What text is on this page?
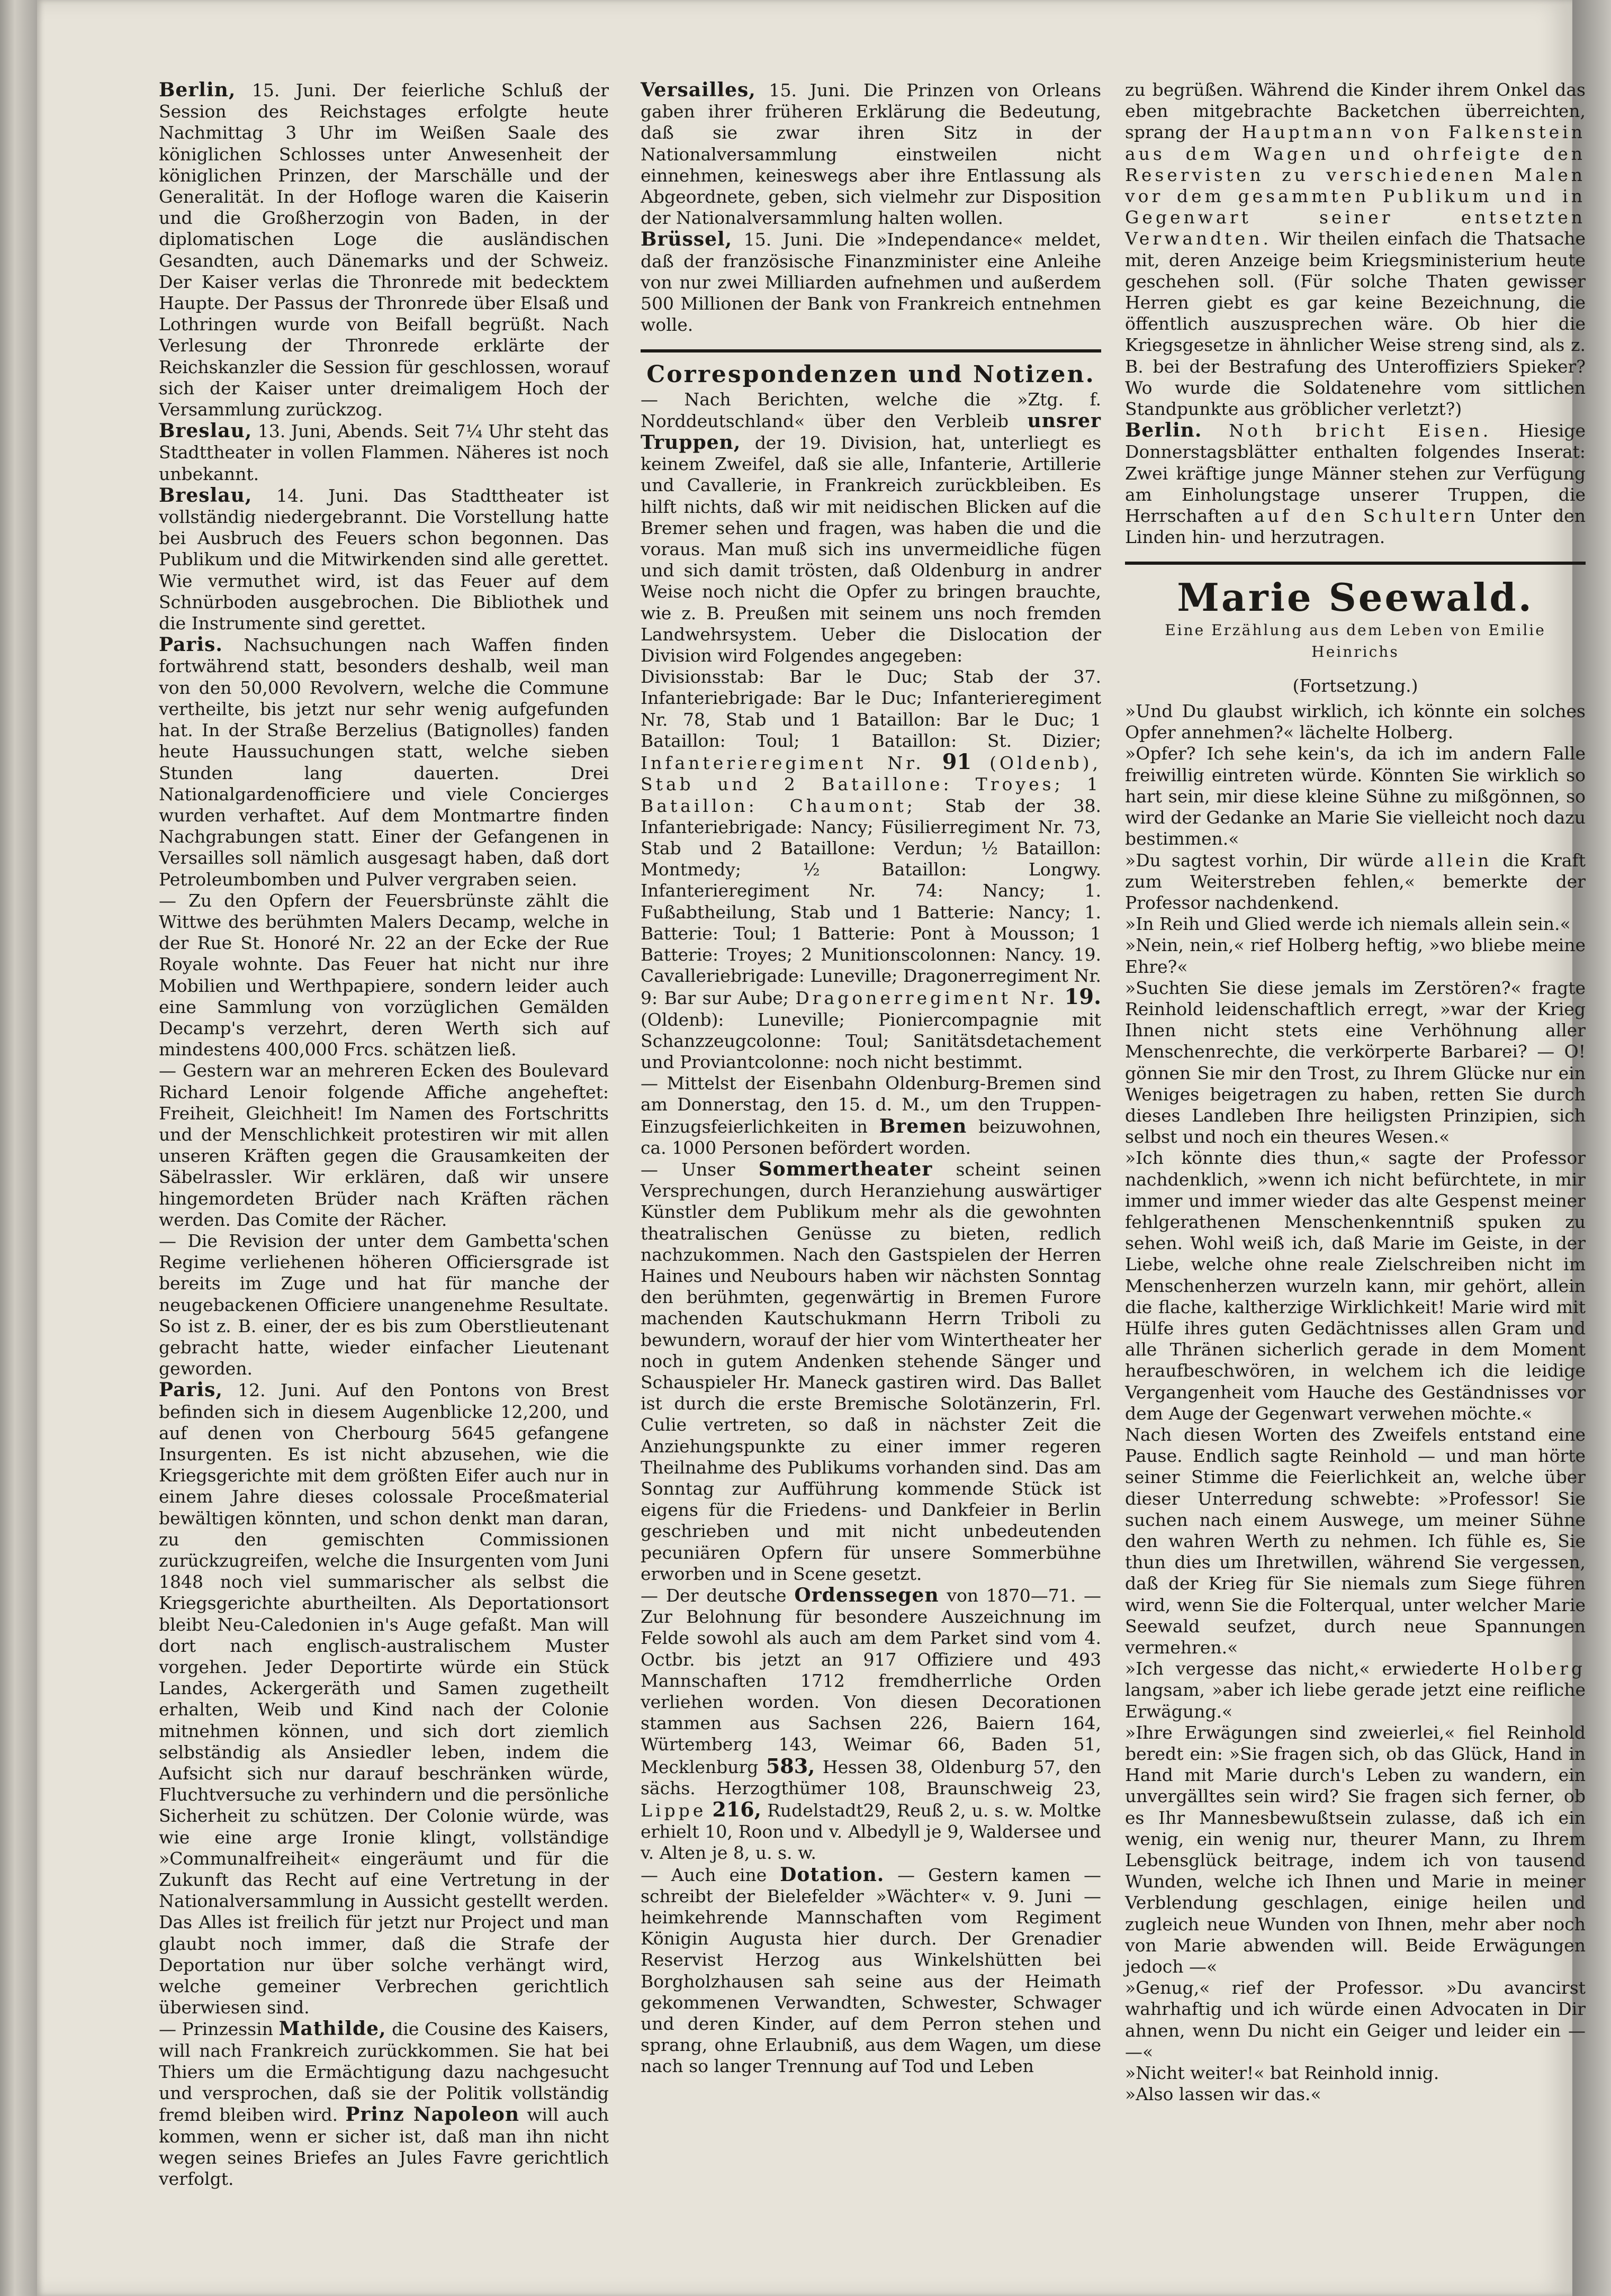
Berlin, 15. Juni. Der feierliche Schluß der Session des Reichstages erfolgte heute Nachmittag 3 Uhr im Weißen Saale des königlichen Schlosses unter Anwesenheit der königlichen Prinzen, der Marschälle und der Generalität. In der Hofloge waren die Kaiserin und die Großherzogin von Baden, in der diplomatischen Loge die ausländischen Gesandten, auch Dänemarks und der Schweiz. Der Kaiser verlas die Thronrede mit bedecktem Haupte. Der Passus der Thronrede über Elsaß und Lothringen wurde von Beifall begrüßt. Nach Verlesung der Thronrede erklärte der Reichskanzler die Session für geschlossen, worauf sich der Kaiser unter dreimaligem Hoch der Versammlung zurückzog.

Breslau, 13. Juni, Abends. Seit 7¼ Uhr steht das Stadttheater in vollen Flammen. Näheres ist noch unbekannt.

Breslau, 14. Juni. Das Stadttheater ist vollständig niedergebrannt. Die Vorstellung hatte bei Ausbruch des Feuers schon begonnen. Das Publikum und die Mitwirkenden sind alle gerettet. Wie vermuthet wird, ist das Feuer auf dem Schnürboden ausgebrochen. Die Bibliothek und die Instrumente sind gerettet.

Paris. Nachsuchungen nach Waffen finden fortwährend statt, besonders deshalb, weil man von den 50,000 Revolvern, welche die Commune vertheilte, bis jetzt nur sehr wenig aufgefunden hat. In der Straße Berzelius (Batignolles) fanden heute Haussuchungen statt, welche sieben Stunden lang dauerten. Drei Nationalgardenofficiere und viele Concierges wurden verhaftet. Auf dem Montmartre finden Nachgrabungen statt. Einer der Gefangenen in Versailles soll nämlich ausgesagt haben, daß dort Petroleumbomben und Pulver vergraben seien.

— Zu den Opfern der Feuersbrünste zählt die Wittwe des berühmten Malers Decamp, welche in der Rue St. Honoré Nr. 22 an der Ecke der Rue Royale wohnte. Das Feuer hat nicht nur ihre Mobilien und Werthpapiere, sondern leider auch eine Sammlung von vorzüglichen Gemälden Decamp's verzehrt, deren Werth sich auf mindestens 400,000 Frcs. schätzen ließ.

— Gestern war an mehreren Ecken des Boulevard Richard Lenoir folgende Affiche angeheftet: Freiheit, Gleichheit! Im Namen des Fortschritts und der Menschlichkeit protestiren wir mit allen unseren Kräften gegen die Grausamkeiten der Säbelrassler. Wir erklären, daß wir unsere hingemordeten Brüder nach Kräften rächen werden. Das Comite der Rächer.

— Die Revision der unter dem Gambetta'schen Regime verliehenen höheren Officiersgrade ist bereits im Zuge und hat für manche der neugebackenen Officiere unangenehme Resultate. So ist z. B. einer, der es bis zum Oberstlieutenant gebracht hatte, wieder einfacher Lieutenant geworden.

Paris, 12. Juni. Auf den Pontons von Brest befinden sich in diesem Augenblicke 12,200, und auf denen von Cherbourg 5645 gefangene Insurgenten. Es ist nicht abzusehen, wie die Kriegsgerichte mit dem größten Eifer auch nur in einem Jahre dieses colossale Proceßmaterial bewältigen könnten, und schon denkt man daran, zu den gemischten Commissionen zurückzugreifen, welche die Insurgenten vom Juni 1848 noch viel summarischer als selbst die Kriegsgerichte aburtheilten. Als Deportationsort bleibt Neu-Caledonien in's Auge gefaßt. Man will dort nach englisch-australischem Muster vorgehen. Jeder Deportirte würde ein Stück Landes, Ackergeräth und Samen zugetheilt erhalten, Weib und Kind nach der Colonie mitnehmen können, und sich dort ziemlich selbständig als Ansiedler leben, indem die Aufsicht sich nur darauf beschränken würde, Fluchtversuche zu verhindern und die persönliche Sicherheit zu schützen. Der Colonie würde, was wie eine arge Ironie klingt, vollständige »Communalfreiheit« eingeräumt und für die Zukunft das Recht auf eine Vertretung in der Nationalversammlung in Aussicht gestellt werden. Das Alles ist freilich für jetzt nur Project und man glaubt noch immer, daß die Strafe der Deportation nur über solche verhängt wird, welche gemeiner Verbrechen gerichtlich überwiesen sind.

— Prinzessin Mathilde, die Cousine des Kaisers, will nach Frankreich zurückkommen. Sie hat bei Thiers um die Ermächtigung dazu nachgesucht und versprochen, daß sie der Politik vollständig fremd bleiben wird. Prinz Napoleon will auch kommen, wenn er sicher ist, daß man ihn nicht wegen seines Briefes an Jules Favre gerichtlich verfolgt.

Versailles, 15. Juni. Die Prinzen von Orleans gaben ihrer früheren Erklärung die Bedeutung, daß sie zwar ihren Sitz in der Nationalversammlung einstweilen nicht einnehmen, keineswegs aber ihre Entlassung als Abgeordnete, geben, sich vielmehr zur Disposition der Nationalversammlung halten wollen.

Brüssel, 15. Juni. Die »Independance« meldet, daß der französische Finanzminister eine Anleihe von nur zwei Milliarden aufnehmen und außerdem 500 Millionen der Bank von Frankreich entnehmen wolle.

Correspondenzen und Notizen.

— Nach Berichten, welche die »Ztg. f. Norddeutschland« über den Verbleib unsrer Truppen, der 19. Division, hat, unterliegt es keinem Zweifel, daß sie alle, Infanterie, Artillerie und Cavallerie, in Frankreich zurückbleiben. Es hilft nichts, daß wir mit neidischen Blicken auf die Bremer sehen und fragen, was haben die und die voraus. Man muß sich ins unvermeidliche fügen und sich damit trösten, daß Oldenburg in andrer Weise noch nicht die Opfer zu bringen brauchte, wie z. B. Preußen mit seinem uns noch fremden Landwehrsystem. Ueber die Dislocation der Division wird Folgendes angegeben:

Divisionsstab: Bar le Duc; Stab der 37. Infanteriebrigade: Bar le Duc; Infanterieregiment Nr. 78, Stab und 1 Bataillon: Bar le Duc; 1 Bataillon: Toul; 1 Bataillon: St. Dizier; Infanterieregiment Nr. 91 (Oldenb), Stab und 2 Bataillone: Troyes; 1 Bataillon: Chaumont; Stab der 38. Infanteriebrigade: Nancy; Füsilierregiment Nr. 73, Stab und 2 Bataillone: Verdun; ½ Bataillon: Montmedy; ½ Bataillon: Longwy. Infanterieregiment Nr. 74: Nancy; 1. Fußabtheilung, Stab und 1 Batterie: Nancy; 1. Batterie: Toul; 1 Batterie: Pont à Mousson; 1 Batterie: Troyes; 2 Munitionscolonnen: Nancy. 19. Cavalleriebrigade: Luneville; Dragonerregiment Nr. 9: Bar sur Aube; Dragonerregiment Nr. 19. (Oldenb): Luneville; Pioniercompagnie mit Schanzzeugcolonne: Toul; Sanitätsdetachement und Proviantcolonne: noch nicht bestimmt.

— Mittelst der Eisenbahn Oldenburg-Bremen sind am Donnerstag, den 15. d. M., um den Truppen-Einzugsfeierlichkeiten in Bremen beizuwohnen, ca. 1000 Personen befördert worden.

— Unser Sommertheater scheint seinen Versprechungen, durch Heranziehung auswärtiger Künstler dem Publikum mehr als die gewohnten theatralischen Genüsse zu bieten, redlich nachzukommen. Nach den Gastspielen der Herren Haines und Neubours haben wir nächsten Sonntag den berühmten, gegenwärtig in Bremen Furore machenden Kautschukmann Herrn Triboli zu bewundern, worauf der hier vom Wintertheater her noch in gutem Andenken stehende Sänger und Schauspieler Hr. Maneck gastiren wird. Das Ballet ist durch die erste Bremische Solotänzerin, Frl. Culie vertreten, so daß in nächster Zeit die Anziehungspunkte zu einer immer regeren Theilnahme des Publikums vorhanden sind. Das am Sonntag zur Aufführung kommende Stück ist eigens für die Friedens- und Dankfeier in Berlin geschrieben und mit nicht unbedeutenden pecuniären Opfern für unsere Sommerbühne erworben und in Scene gesetzt.

— Der deutsche Ordenssegen von 1870—71. — Zur Belohnung für besondere Auszeichnung im Felde sowohl als auch am dem Parket sind vom 4. Octbr. bis jetzt an 917 Offiziere und 493 Mannschaften 1712 fremdherrliche Orden verliehen worden. Von diesen Decorationen stammen aus Sachsen 226, Baiern 164, Würtemberg 143, Weimar 66, Baden 51, Mecklenburg 583, Hessen 38, Oldenburg 57, den sächs. Herzogthümer 108, Braunschweig 23, Lippe 216, Rudelstadt29, Reuß 2, u. s. w. Moltke erhielt 10, Roon und v. Albedyll je 9, Waldersee und v. Alten je 8, u. s. w.

— Auch eine Dotation. — Gestern kamen — schreibt der Bielefelder »Wächter« v. 9. Juni — heimkehrende Mannschaften vom Regiment Königin Augusta hier durch. Der Grenadier Reservist Herzog aus Winkelshütten bei Borgholzhausen sah seine aus der Heimath gekommenen Verwandten, Schwester, Schwager und deren Kinder, auf dem Perron stehen und sprang, ohne Erlaubniß, aus dem Wagen, um diese nach so langer Trennung auf Tod und Leben

zu begrüßen. Während die Kinder ihrem Onkel das eben mitgebrachte Backetchen überreichten, sprang der Hauptmann von Falkenstein aus dem Wagen und ohrfeigte den Reservisten zu verschiedenen Malen vor dem gesammten Publikum und in Gegenwart seiner entsetzten Verwandten. Wir theilen einfach die Thatsache mit, deren Anzeige beim Kriegsministerium heute geschehen soll. (Für solche Thaten gewisser Herren giebt es gar keine Bezeichnung, die öffentlich auszusprechen wäre. Ob hier die Kriegsgesetze in ähnlicher Weise streng sind, als z. B. bei der Bestrafung des Unteroffiziers Spieker? Wo wurde die Soldatenehre vom sittlichen Standpunkte aus gröblicher verletzt?)

Berlin. Noth bricht Eisen. Hiesige Donnerstagsblätter enthalten folgendes Inserat: Zwei kräftige junge Männer stehen zur Verfügung am Einholungstage unserer Truppen, die Herrschaften auf den Schultern Unter den Linden hin- und herzutragen.

Marie Seewald.
Eine Erzählung aus dem Leben von Emilie Heinrichs
(Fortsetzung.)

»Und Du glaubst wirklich, ich könnte ein solches Opfer annehmen?« lächelte Holberg.

»Opfer? Ich sehe kein's, da ich im andern Falle freiwillig eintreten würde. Könnten Sie wirklich so hart sein, mir diese kleine Sühne zu mißgönnen, so wird der Gedanke an Marie Sie vielleicht noch dazu bestimmen.«

»Du sagtest vorhin, Dir würde allein die Kraft zum Weiterstreben fehlen,« bemerkte der Professor nachdenkend.

»In Reih und Glied werde ich niemals allein sein.«

»Nein, nein,« rief Holberg heftig, »wo bliebe meine Ehre?«

»Suchten Sie diese jemals im Zerstören?« fragte Reinhold leidenschaftlich erregt, »war der Krieg Ihnen nicht stets eine Verhöhnung aller Menschenrechte, die verkörperte Barbarei? — O! gönnen Sie mir den Trost, zu Ihrem Glücke nur ein Weniges beigetragen zu haben, retten Sie durch dieses Landleben Ihre heiligsten Prinzipien, sich selbst und noch ein theures Wesen.«

»Ich könnte dies thun,« sagte der Professor nachdenklich, »wenn ich nicht befürchtete, in mir immer und immer wieder das alte Gespenst meiner fehlgerathenen Menschenkenntniß spuken zu sehen. Wohl weiß ich, daß Marie im Geiste, in der Liebe, welche ohne reale Zielschreiben nicht im Menschenherzen wurzeln kann, mir gehört, allein die flache, kaltherzige Wirklichkeit! Marie wird mit Hülfe ihres guten Gedächtnisses allen Gram und alle Thränen sicherlich gerade in dem Moment heraufbeschwören, in welchem ich die leidige Vergangenheit vom Hauche des Geständnisses vor dem Auge der Gegenwart verwehen möchte.«

Nach diesen Worten des Zweifels entstand eine Pause. Endlich sagte Reinhold — und man hörte seiner Stimme die Feierlichkeit an, welche über dieser Unterredung schwebte: »Professor! Sie suchen nach einem Auswege, um meiner Sühne den wahren Werth zu nehmen. Ich fühle es, Sie thun dies um Ihretwillen, während Sie vergessen, daß der Krieg für Sie niemals zum Siege führen wird, wenn Sie die Folterqual, unter welcher Marie Seewald seufzet, durch neue Spannungen vermehren.«

»Ich vergesse das nicht,« erwiederte Holberg langsam, »aber ich liebe gerade jetzt eine reifliche Erwägung.«

»Ihre Erwägungen sind zweierlei,« fiel Reinhold beredt ein: »Sie fragen sich, ob das Glück, Hand in Hand mit Marie durch's Leben zu wandern, ein unvergälltes sein wird? Sie fragen sich ferner, ob es Ihr Mannesbewußtsein zulasse, daß ich ein wenig, ein wenig nur, theurer Mann, zu Ihrem Lebensglück beitrage, indem ich von tausend Wunden, welche ich Ihnen und Marie in meiner Verblendung geschlagen, einige heilen und zugleich neue Wunden von Ihnen, mehr aber noch von Marie abwenden will. Beide Erwägungen jedoch —«

»Genug,« rief der Professor. »Du avancirst wahrhaftig und ich würde einen Advocaten in Dir ahnen, wenn Du nicht ein Geiger und leider ein — —«

»Nicht weiter!« bat Reinhold innig.

»Also lassen wir das.«
